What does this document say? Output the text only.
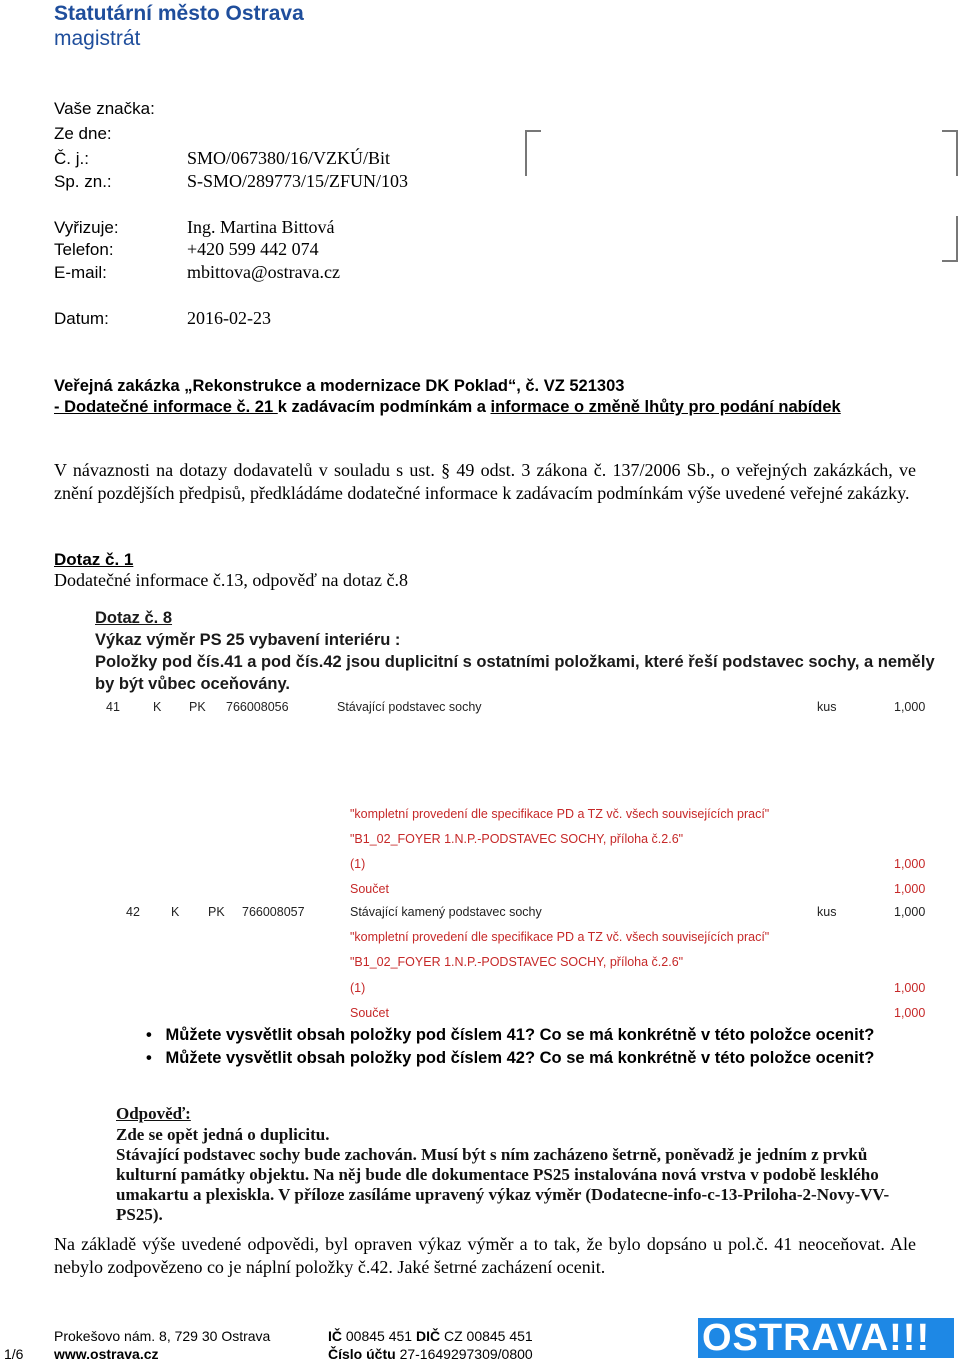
Statutární město Ostrava
magistrát
Vaše značka:
Ze dne:
Č. j.:	SMO/067380/16/VZKÚ/Bit
Sp. zn.:	S-SMO/289773/15/ZFUN/103
Vyřizuje:	Ing. Martina Bittová
Telefon:	+420 599 442 074
E-mail:	mbittova@ostrava.cz
Datum:	2016-02-23
Veřejná zakázka „Rekonstrukce a modernizace DK Poklad“, č. VZ 521303
- Dodatečné informace č. 21 k zadávacím podmínkám a informace o změně lhůty pro podání nabídek
V návaznosti na dotazy dodavatelů v souladu s ust. § 49 odst. 3 zákona č. 137/2006 Sb., o veřejných zakázkách, ve znění pozdějších předpisů, předkládáme dodatečné informace k zadávacím podmínkám výše uvedené veřejné zakázky.
Dotaz č. 1
Dodatečné informace č.13, odpověď na dotaz č.8
Dotaz č. 8
Výkaz výměr PS 25 vybavení interiéru :
Položky pod čís.41 a pod čís.42 jsou duplicitní s ostatními položkami, které řeší podstavec sochy, a neměly
by být vůbec oceňovány.
41	K PK 766008056	Stávající podstavec sochy	kus	1,000
"kompletní provedení dle specifikace PD a TZ vč. všech souvisejících prací"
"B1_02_FOYER 1.N.P.-PODSTAVEC SOCHY, příloha č.2.6"
(1)	1,000
Součet	1,000
42 K PK 766008057	Stávající kamený podstavec sochy	kus	1,000
"kompletní provedení dle specifikace PD a TZ vč. všech souvisejících prací"
"B1_02_FOYER 1.N.P.-PODSTAVEC SOCHY, příloha č.2.6"
(1)	1,000
Součet	1,000
•   Můžete vysvětlit obsah položky pod číslem 41? Co se má konkrétně v této položce ocenit?
•   Můžete vysvětlit obsah položky pod číslem 42? Co se má konkrétně v této položce ocenit?
Odpověď:
Zde se opět jedná o duplicitu.
Stávající podstavec sochy bude zachován. Musí být s ním zacházeno šetrně, poněvadž je jedním z prvků
kulturní památky objektu. Na něj bude dle dokumentace PS25 instalována nová vrstva v podobě lesklého
umakartu a plexiskla. V příloze zasíláme upravený výkaz výměr (Dodatecne-info-c-13-Priloha-2-Novy-VV-
PS25).
Na základě výše uvedené odpovědi, byl opraven výkaz výměr a to tak, že bylo dopsáno u pol.č. 41 neoceňovat. Ale nebylo zodpovězeno co je náplní položky č.42. Jaké šetrné zacházení ocenit.
1/6
Prokešovo nám. 8, 729 30 Ostrava
www.ostrava.cz
IČ 00845 451 DIČ CZ 00845 451
Číslo účtu 27-1649297309/0800	OSTRAVA!!!
